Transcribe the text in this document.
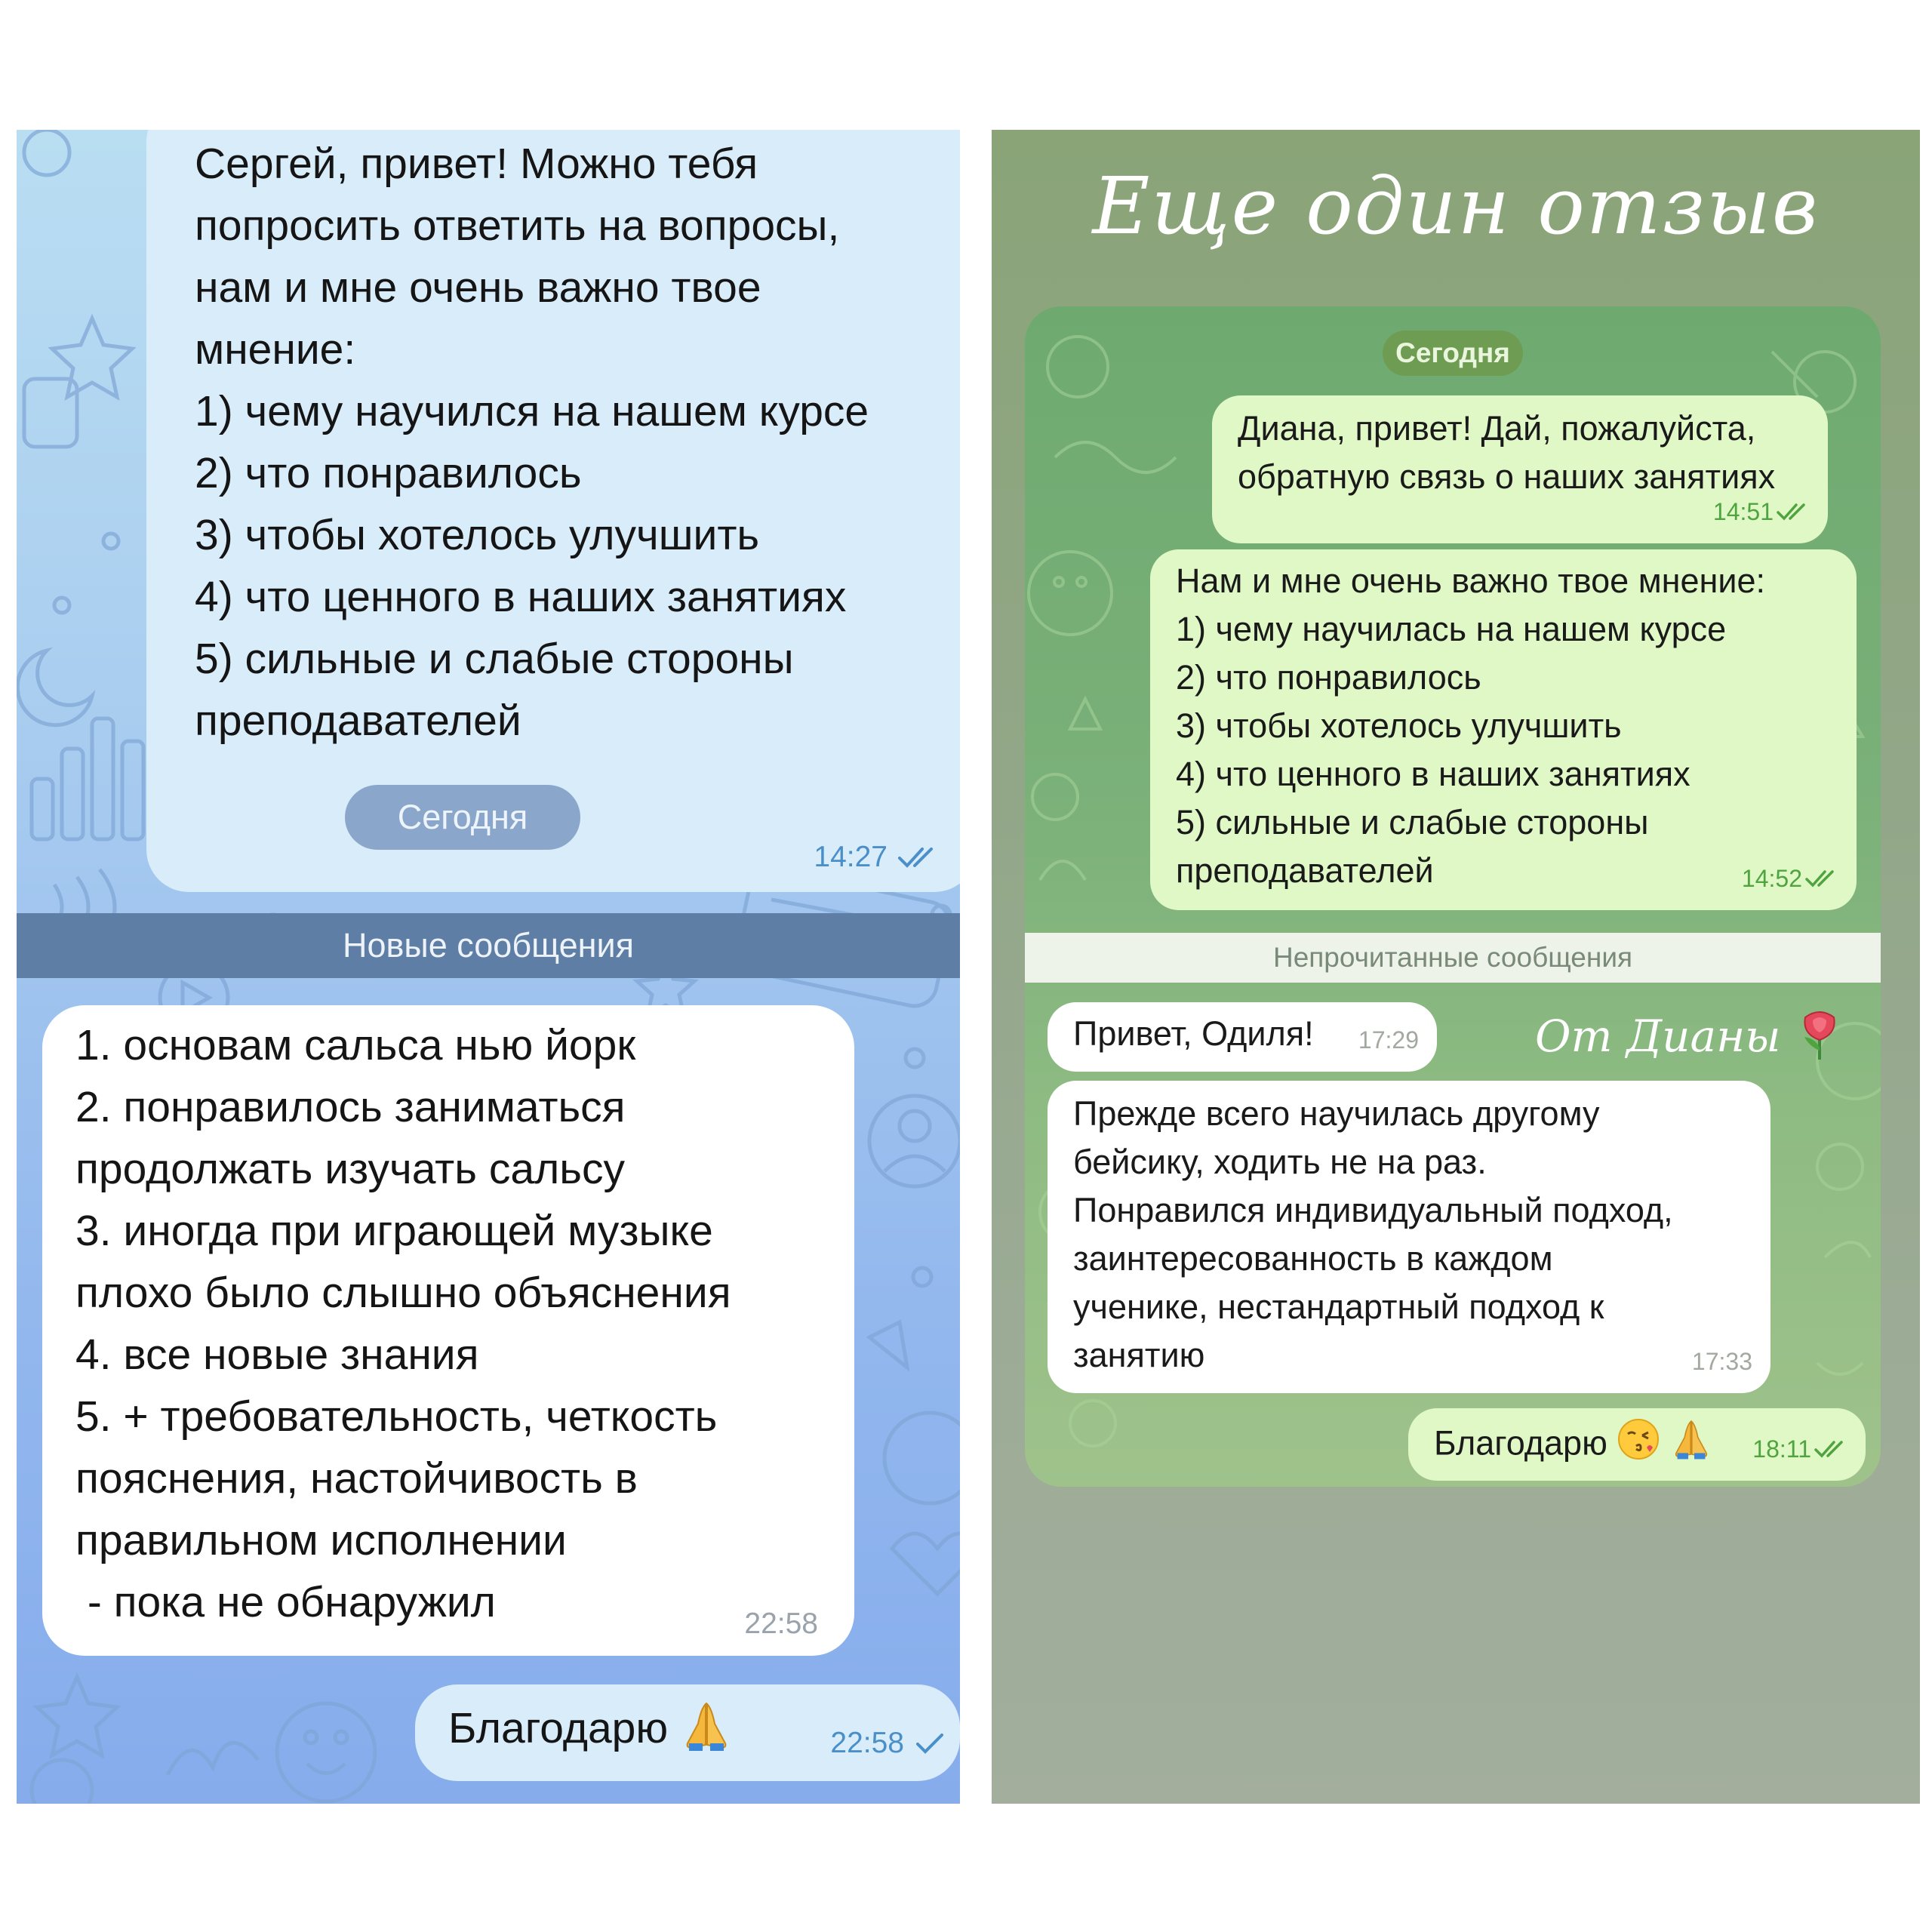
Сергей, привет! Можно тебя
попросить ответить на вопросы,
нам и мне очень важно твое
мнение:
1) чему научился на нашем курсе
2) что понравилось
3) чтобы хотелось улучшить
4) что ценного в наших занятиях
5) сильные и слабые стороны
преподавателей
14:27
Сегодня
Новые сообщения
1. основам сальса нью йорк
2. понравилось заниматься
продолжать изучать сальсу
3. иногда при играющей музыке
плохо было слышно объяснения
4. все новые знания
5. + требовательность, четкость
пояснения, настойчивость в
правильном исполнении
- пока не обнаружил	22:58
Благодарю	22:58
Еще один отзыв
Сегодня
Диана, привет! Дай, пожалуйста,
обратную связь о наших занятиях
14:51
Нам и мне очень важно твое мнение:
1) чему научилась на нашем курсе
2) что понравилось
3) чтобы хотелось улучшить
4) что ценного в наших занятиях
5) сильные и слабые стороны
преподавателей	14:52
Непрочитанные сообщения
Привет, Одиля! 17:29	От Дианы
Прежде всего научилась другому
бейсику, ходить не на раз.
Понравился индивидуальный подход,
заинтересованность в каждом
ученике, нестандартный подход к
занятию	17:33
Благодарю	18:11
